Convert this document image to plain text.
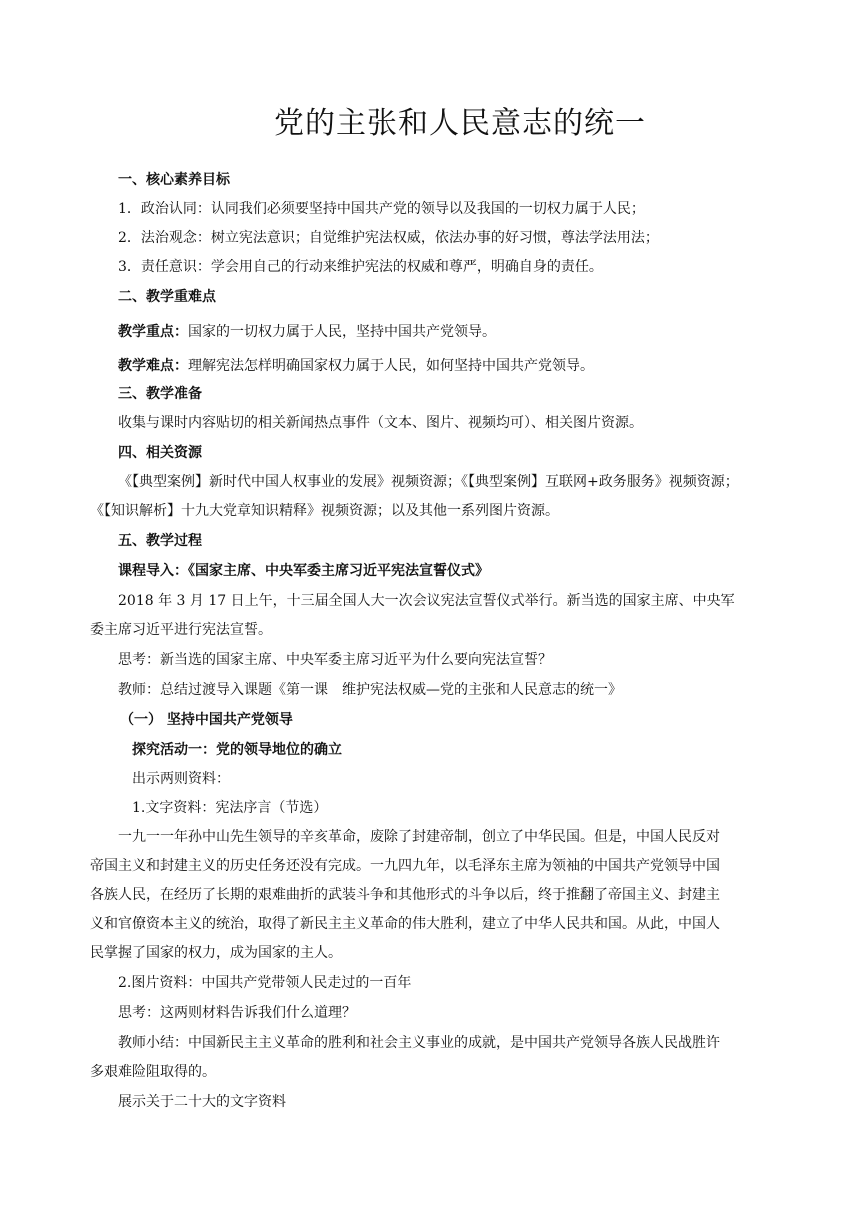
党的主张和人民意志的统一
一、核心素养目标
1．政治认同：认同我们必须要坚持中国共产党的领导以及我国的一切权力属于人民；
2．法治观念：树立宪法意识；自觉维护宪法权威，依法办事的好习惯，尊法学法用法；
3．责任意识：学会用自己的行动来维护宪法的权威和尊严，明确自身的责任。
二、教学重难点
教学重点：国家的一切权力属于人民，坚持中国共产党领导。
教学难点：理解宪法怎样明确国家权力属于人民，如何坚持中国共产党领导。
三、教学准备
收集与课时内容贴切的相关新闻热点事件（文本、图片、视频均可）、相关图片资源。
四、相关资源
《【典型案例】新时代中国人权事业的发展》视频资源；《【典型案例】互联网+政务服务》视频资源；
《【知识解析】十九大党章知识精释》视频资源；以及其他一系列图片资源。
五、教学过程
课程导入：《国家主席、中央军委主席习近平宪法宣誓仪式》
2018 年 3 月 17 日上午，十三届全国人大一次会议宪法宣誓仪式举行。新当选的国家主席、中央军
委主席习近平进行宪法宣誓。
思考：新当选的国家主席、中央军委主席习近平为什么要向宪法宣誓？
教师：总结过渡导入课题《第一课　维护宪法权威—党的主张和人民意志的统一》
（一） 坚持中国共产党领导
探究活动一：党的领导地位的确立
出示两则资料：
1.文字资料：宪法序言（节选）
一九一一年孙中山先生领导的辛亥革命，废除了封建帝制，创立了中华民国。但是，中国人民反对
帝国主义和封建主义的历史任务还没有完成。一九四九年，以毛泽东主席为领袖的中国共产党领导中国
各族人民，在经历了长期的艰难曲折的武装斗争和其他形式的斗争以后，终于推翻了帝国主义、封建主
义和官僚资本主义的统治，取得了新民主主义革命的伟大胜利，建立了中华人民共和国。从此，中国人
民掌握了国家的权力，成为国家的主人。
2.图片资料：中国共产党带领人民走过的一百年
思考：这两则材料告诉我们什么道理？
教师小结：中国新民主主义革命的胜利和社会主义事业的成就，是中国共产党领导各族人民战胜许
多艰难险阻取得的。
展示关于二十大的文字资料
